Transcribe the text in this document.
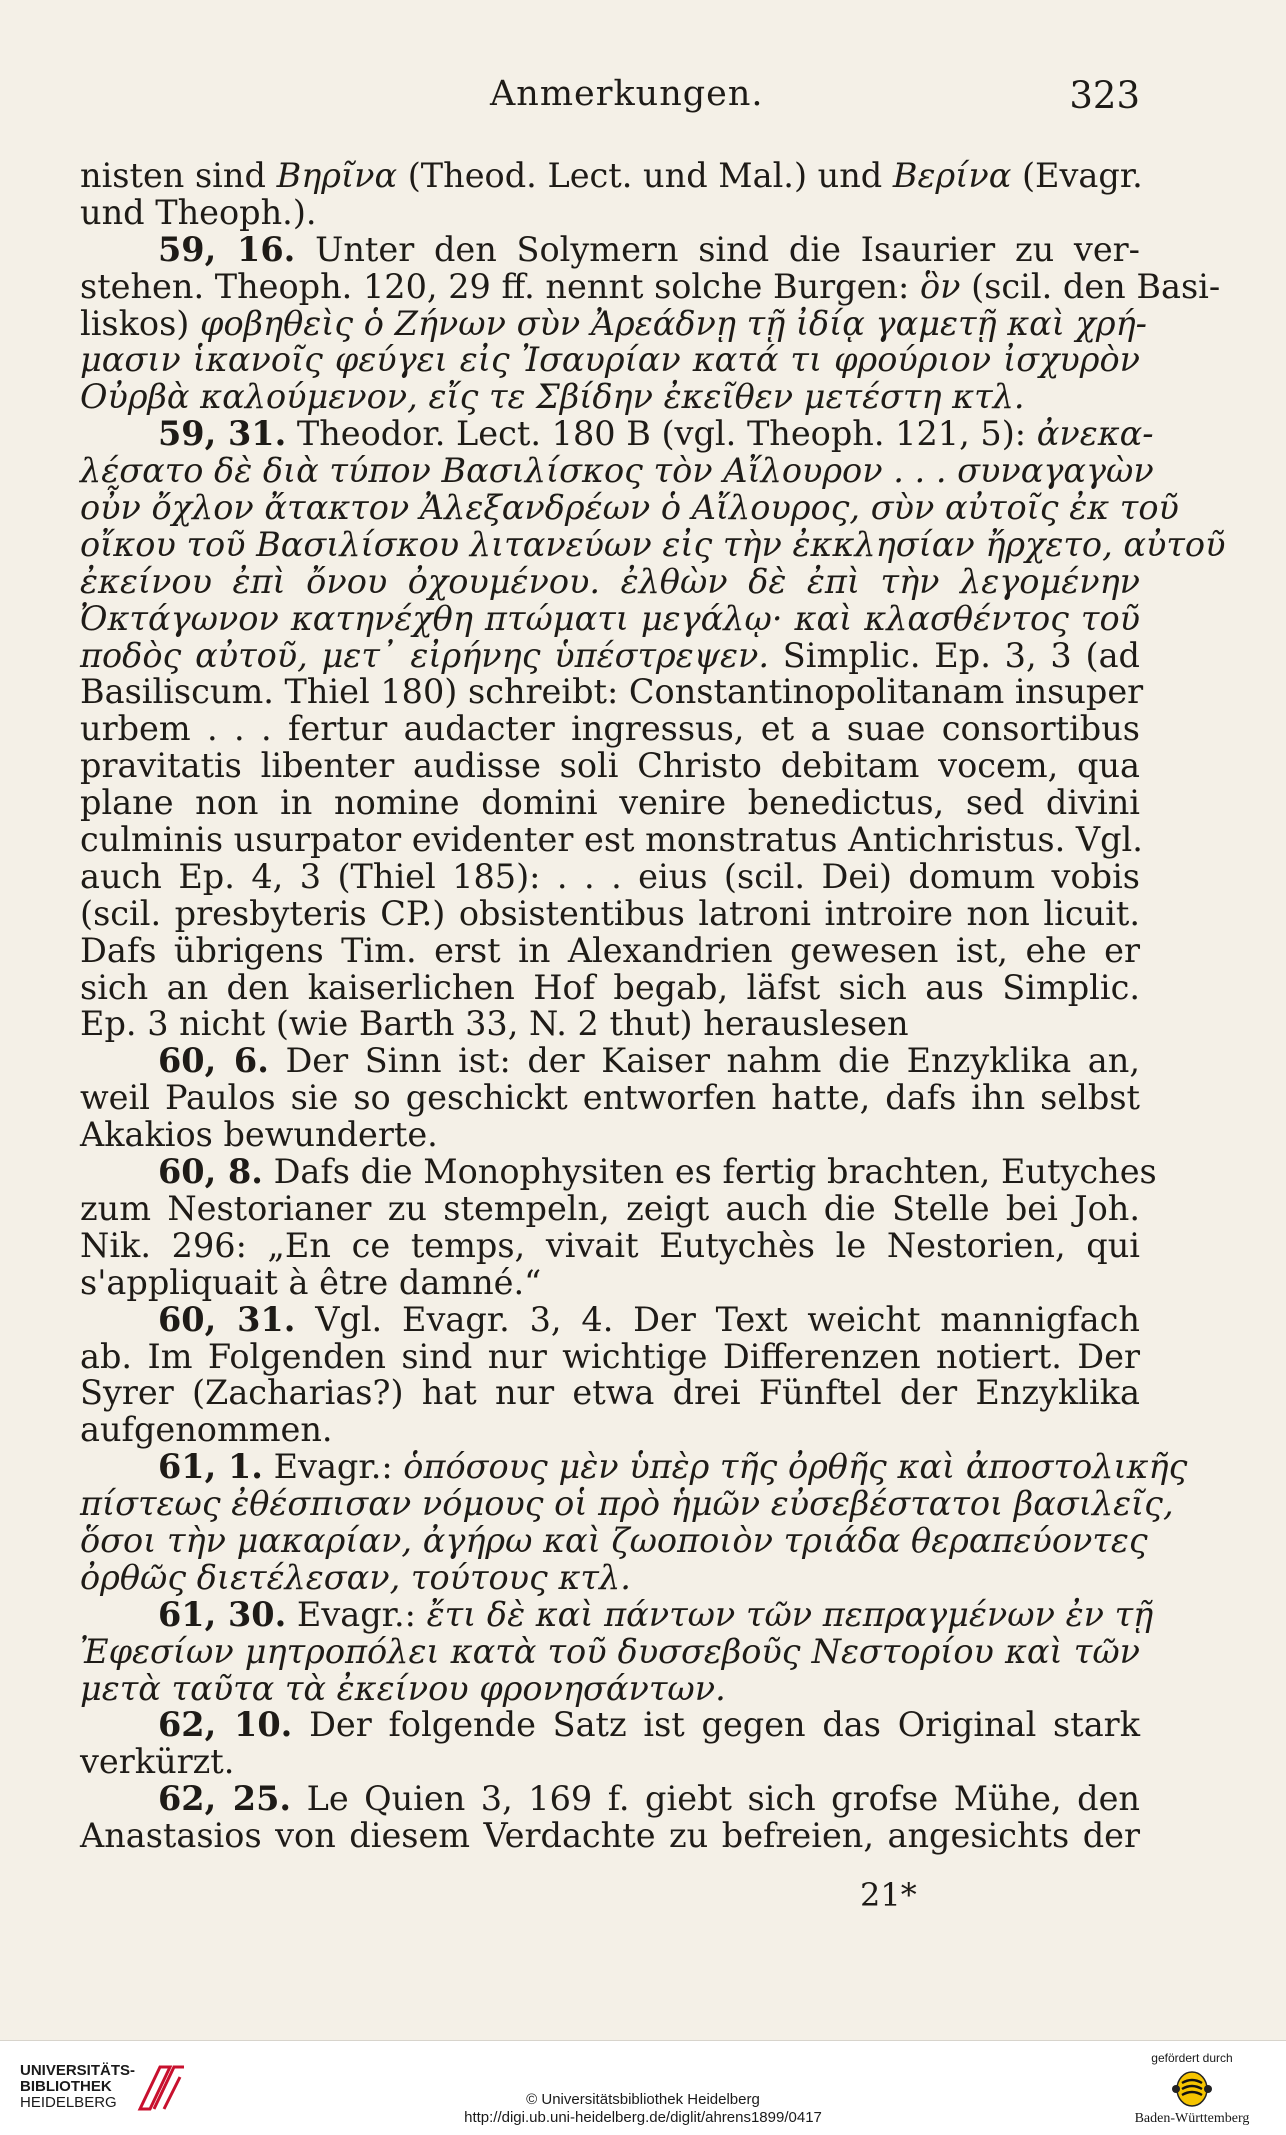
Anmerkungen.	323
nisten sind Βηρῖνα (Theod. Lect. und Mal.) und Βερίνα (Evagr.
und Theoph.).
59, 16. Unter den Solymern sind die Isaurier zu ver-
stehen. Theoph. 120, 29 ff. nennt solche Burgen: ὃν (scil. den Basi-
liskos) φοβηθεὶς ὁ Ζήνων σὺν Ἀρεάδνῃ τῇ ἰδίᾳ γαμετῇ καὶ χρή-
μασιν ἱκανοῖς φεύγει εἰς Ἰσαυρίαν κατά τι φρούριον ἰσχυρὸν
Οὐρβὰ καλούμενον, εἴς τε Σβίδην ἐκεῖθεν μετέστη κτλ.
59, 31. Theodor. Lect. 180 B (vgl. Theoph. 121, 5): ἀνεκα-
λέσατο δὲ διὰ τύπον Βασιλίσκος τὸν Αἴλουρον . . . συναγαγὼν
οὖν ὄχλον ἄτακτον Ἀλεξανδρέων ὁ Αἴλουρος, σὺν αὐτοῖς ἐκ τοῦ
οἴκου τοῦ Βασιλίσκου λιτανεύων εἰς τὴν ἐκκλησίαν ἤρχετο, αὐτοῦ
ἐκείνου ἐπὶ ὄνου ὀχουμένου. ἐλθὼν δὲ ἐπὶ τὴν λεγομένην
Ὀκτάγωνον κατηνέχθη πτώματι μεγάλῳ· καὶ κλασθέντος τοῦ
ποδὸς αὐτοῦ, μετ᾽ εἰρήνης ὑπέστρεψεν. Simplic. Ep. 3, 3 (ad
Basiliscum. Thiel 180) schreibt: Constantinopolitanam insuper
urbem . . . fertur audacter ingressus, et a suae consortibus
pravitatis libenter audisse soli Christo debitam vocem, qua
plane non in nomine domini venire benedictus, sed divini
culminis usurpator evidenter est monstratus Antichristus. Vgl.
auch Ep. 4, 3 (Thiel 185): . . . eius (scil. Dei) domum vobis
(scil. presbyteris CP.) obsistentibus latroni introire non licuit.
Dafs übrigens Tim. erst in Alexandrien gewesen ist, ehe er
sich an den kaiserlichen Hof begab, läfst sich aus Simplic.
Ep. 3 nicht (wie Barth 33, N. 2 thut) herauslesen
60, 6. Der Sinn ist: der Kaiser nahm die Enzyklika an,
weil Paulos sie so geschickt entworfen hatte, dafs ihn selbst
Akakios bewunderte.
60, 8. Dafs die Monophysiten es fertig brachten, Eutyches
zum Nestorianer zu stempeln, zeigt auch die Stelle bei Joh.
Nik. 296: „En ce temps, vivait Eutychès le Nestorien, qui
s'appliquait à être damné.“
60, 31. Vgl. Evagr. 3, 4. Der Text weicht mannigfach
ab. Im Folgenden sind nur wichtige Differenzen notiert. Der
Syrer (Zacharias?) hat nur etwa drei Fünftel der Enzyklika
aufgenommen.
61, 1. Evagr.: ὁπόσους μὲν ὑπὲρ τῆς ὀρθῆς καὶ ἀποστολικῆς
πίστεως ἐθέσπισαν νόμους οἱ πρὸ ἡμῶν εὐσεβέστατοι βασιλεῖς,
ὅσοι τὴν μακαρίαν, ἀγήρω καὶ ζωοποιὸν τριάδα θεραπεύοντες
ὀρθῶς διετέλεσαν, τούτους κτλ.
61, 30. Evagr.: ἔτι δὲ καὶ πάντων τῶν πεπραγμένων ἐν τῇ
Ἐφεσίων μητροπόλει κατὰ τοῦ δυσσεβοῦς Νεστορίου καὶ τῶν
μετὰ ταῦτα τὰ ἐκείνου φρονησάντων.
62, 10. Der folgende Satz ist gegen das Original stark
verkürzt.
62, 25. Le Quien 3, 169 f. giebt sich grofse Mühe, den
Anastasios von diesem Verdachte zu befreien, angesichts der
21*
UNIVERSITÄTS-
BIBLIOTHEK
HEIDELBERG	© Universitätsbibliothek Heidelberg
http://digi.ub.uni-heidelberg.de/diglit/ahrens1899/0417
gefördert durch
Baden-Württemberg
